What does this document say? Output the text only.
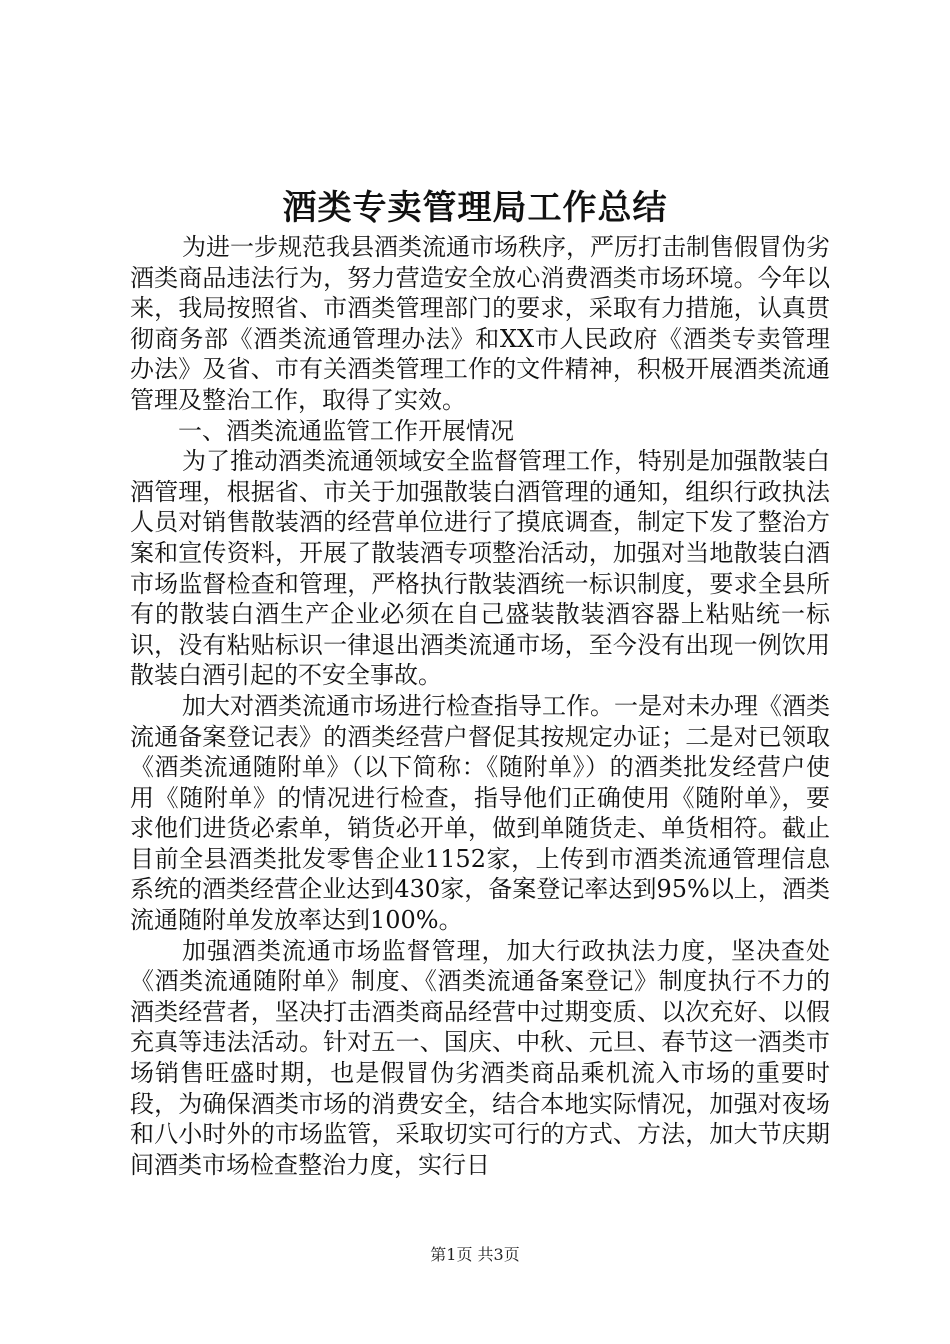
酒类专卖管理局工作总结

为进一步规范我县酒类流通市场秩序，严厉打击制售假冒伪劣酒类商品违法行为，努力营造安全放心消费酒类市场环境。今年以来，我局按照省、市酒类管理部门的要求，采取有力措施，认真贯彻商务部《酒类流通管理办法》和XX市人民政府《酒类专卖管理办法》及省、市有关酒类管理工作的文件精神，积极开展酒类流通管理及整治工作，取得了实效。

一、酒类流通监管工作开展情况

为了推动酒类流通领域安全监督管理工作，特别是加强散装白酒管理，根据省、市关于加强散装白酒管理的通知，组织行政执法人员对销售散装酒的经营单位进行了摸底调查，制定下发了整治方案和宣传资料，开展了散装酒专项整治活动，加强对当地散装白酒市场监督检查和管理，严格执行散装酒统一标识制度，要求全县所有的散装白酒生产企业必须在自己盛装散装酒容器上粘贴统一标识，没有粘贴标识一律退出酒类流通市场，至今没有出现一例饮用散装白酒引起的不安全事故。

加大对酒类流通市场进行检查指导工作。一是对未办理《酒类流通备案登记表》的酒类经营户督促其按规定办证；二是对已领取《酒类流通随附单》（以下简称：《随附单》）的酒类批发经营户使用《随附单》的情况进行检查，指导他们正确使用《随附单》，要求他们进货必索单，销货必开单，做到单随货走、单货相符。截止目前全县酒类批发零售企业1152家，上传到市酒类流通管理信息系统的酒类经营企业达到430家，备案登记率达到95%以上，酒类流通随附单发放率达到100%。

加强酒类流通市场监督管理，加大行政执法力度，坚决查处《酒类流通随附单》制度、《酒类流通备案登记》制度执行不力的酒类经营者，坚决打击酒类商品经营中过期变质、以次充好、以假充真等违法活动。针对五一、国庆、中秋、元旦、春节这一酒类市场销售旺盛时期，也是假冒伪劣酒类商品乘机流入市场的重要时段，为确保酒类市场的消费安全，结合本地实际情况，加强对夜场和八小时外的市场监管，采取切实可行的方式、方法，加大节庆期间酒类市场检查整治力度，实行日

第1页 共3页
